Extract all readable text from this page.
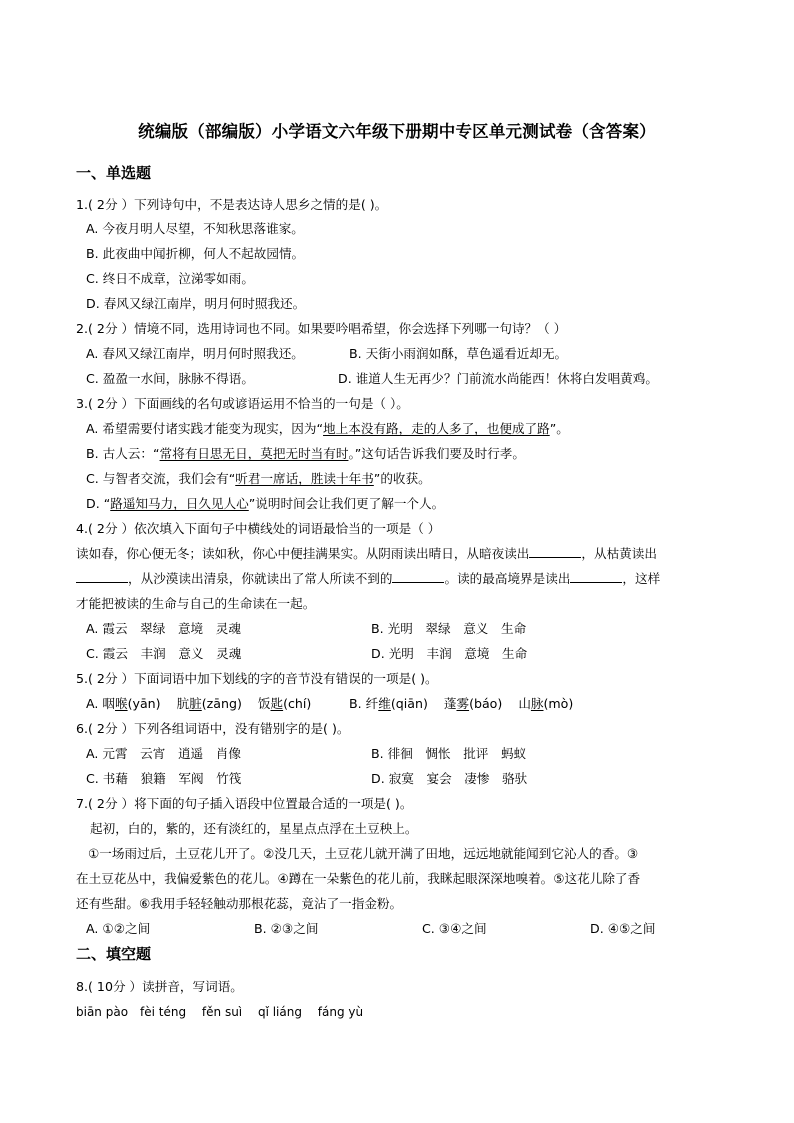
统编版（部编版）小学语文六年级下册期中专区单元测试卷（含答案）
一、单选题
1.( 2分 ）下列诗句中，不是表达诗人思乡之情的是( )。
A. 今夜月明人尽望，不知秋思落谁家。
B. 此夜曲中闻折柳，何人不起故园情。
C. 终日不成章，泣涕零如雨。
D. 春风又绿江南岸，明月何时照我还。
2.( 2分 ）情境不同，选用诗词也不同。如果要吟唱希望，你会选择下列哪一句诗？（ ）
A. 春风又绿江南岸，明月何时照我还。	B. 天街小雨润如酥，草色遥看近却无。
C. 盈盈一水间，脉脉不得语。	D. 谁道人生无再少？门前流水尚能西！休将白发唱黄鸡。
3.( 2分 ）下面画线的名句或谚语运用不恰当的一句是（ ）。
A. 希望需要付诸实践才能变为现实，因为“地上本没有路，走的人多了，也便成了路”。
B. 古人云：“常将有日思无日，莫把无时当有时。”这句话告诉我们要及时行孝。
C. 与智者交流，我们会有“听君一席话，胜读十年书”的收获。
D. “路遥知马力，日久见人心”说明时间会让我们更了解一个人。
4.( 2分 ）依次填入下面句子中横线处的词语最恰当的一项是（ ）
读如春，你心便无冬；读如秋，你心中便挂满果实。从阴雨读出晴日，从暗夜读出	，从枯黄读出
，从沙漠读出清泉，你就读出了常人所读不到的	。读的最高境界是读出	，这样
才能把被读的生命与自己的生命读在一起。
A. 霞云　翠绿　意境　灵魂	B. 光明　翠绿　意义　生命
C. 霞云　丰润　意义　灵魂	D. 光明　丰润　意境　生命
5.( 2分 ）下面词语中加下划线的字的音节没有错误的一项是( )。
A. 咽喉(yān) 肮脏(zāng) 饭匙(chí)	B. 纤维(qiān) 蓬雾(báo) 山脉(mò)
6.( 2分 ）下列各组词语中，没有错别字的是( )。
A. 元霄　云宵　逍遥　肖像	B. 徘徊　惆怅　批评　蚂蚁
C. 书藉　狼籍　军阀　竹筏	D. 寂寞　宴会　凄惨　骆驮
7.( 2分 ）将下面的句子插入语段中位置最合适的一项是( )。
起初，白的，紫的，还有淡红的，星星点点浮在土豆秧上。
①一场雨过后，土豆花儿开了。②没几天，土豆花儿就开满了田地，远远地就能闻到它沁人的香。③
在土豆花丛中，我偏爱紫色的花儿。④蹲在一朵紫色的花儿前，我眯起眼深深地嗅着。⑤这花儿除了香
还有些甜。⑥我用手轻轻触动那根花蕊，竟沾了一指金粉。
A. ①②之间	B. ②③之间	C. ③④之间	D. ④⑤之间
二、填空题
8.( 10分 ）读拼音，写词语。
biān pào　fèi téng　 fěn suì　 qǐ liáng　 fáng yù
